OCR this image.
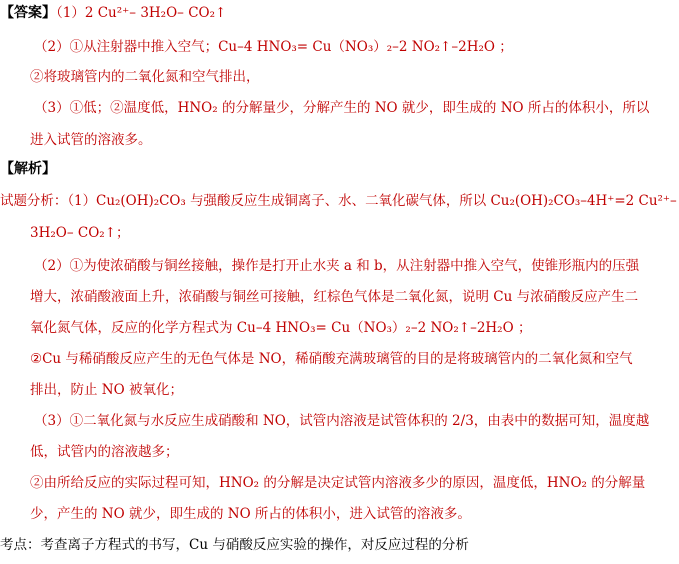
【答案】（1）2 Cu²⁺– 3H₂O– CO₂↑
（2）①从注射器中推入空气；Cu–4 HNO₃= Cu（NO₃）₂–2 NO₂↑–2H₂O ；
②将玻璃管内的二氧化氮和空气排出，
（3）①低；②温度低，HNO₂ 的分解量少，分解产生的 NO 就少，即生成的 NO 所占的体积小，所以
进入试管的溶液多。
【解析】
试题分析：（1）Cu₂(OH)₂CO₃ 与强酸反应生成铜离子、水、二氧化碳气体，所以 Cu₂(OH)₂CO₃–4H⁺=2 Cu²⁺–
3H₂O– CO₂↑；
（2）①为使浓硝酸与铜丝接触，操作是打开止水夹 a 和 b，从注射器中推入空气，使锥形瓶内的压强
增大，浓硝酸液面上升，浓硝酸与铜丝可接触，红棕色气体是二氧化氮，说明 Cu 与浓硝酸反应产生二
氧化氮气体，反应的化学方程式为 Cu–4 HNO₃= Cu（NO₃）₂–2 NO₂↑–2H₂O ；
②Cu 与稀硝酸反应产生的无色气体是 NO，稀硝酸充满玻璃管的目的是将玻璃管内的二氧化氮和空气
排出，防止 NO 被氧化；
（3）①二氧化氮与水反应生成硝酸和 NO，试管内溶液是试管体积的 2/3，由表中的数据可知，温度越
低，试管内的溶液越多；
②由所给反应的实际过程可知，HNO₂ 的分解是决定试管内溶液多少的原因，温度低，HNO₂ 的分解量
少，产生的 NO 就少，即生成的 NO 所占的体积小，进入试管的溶液多。
考点：考查离子方程式的书写，Cu 与硝酸反应实验的操作，对反应过程的分析
